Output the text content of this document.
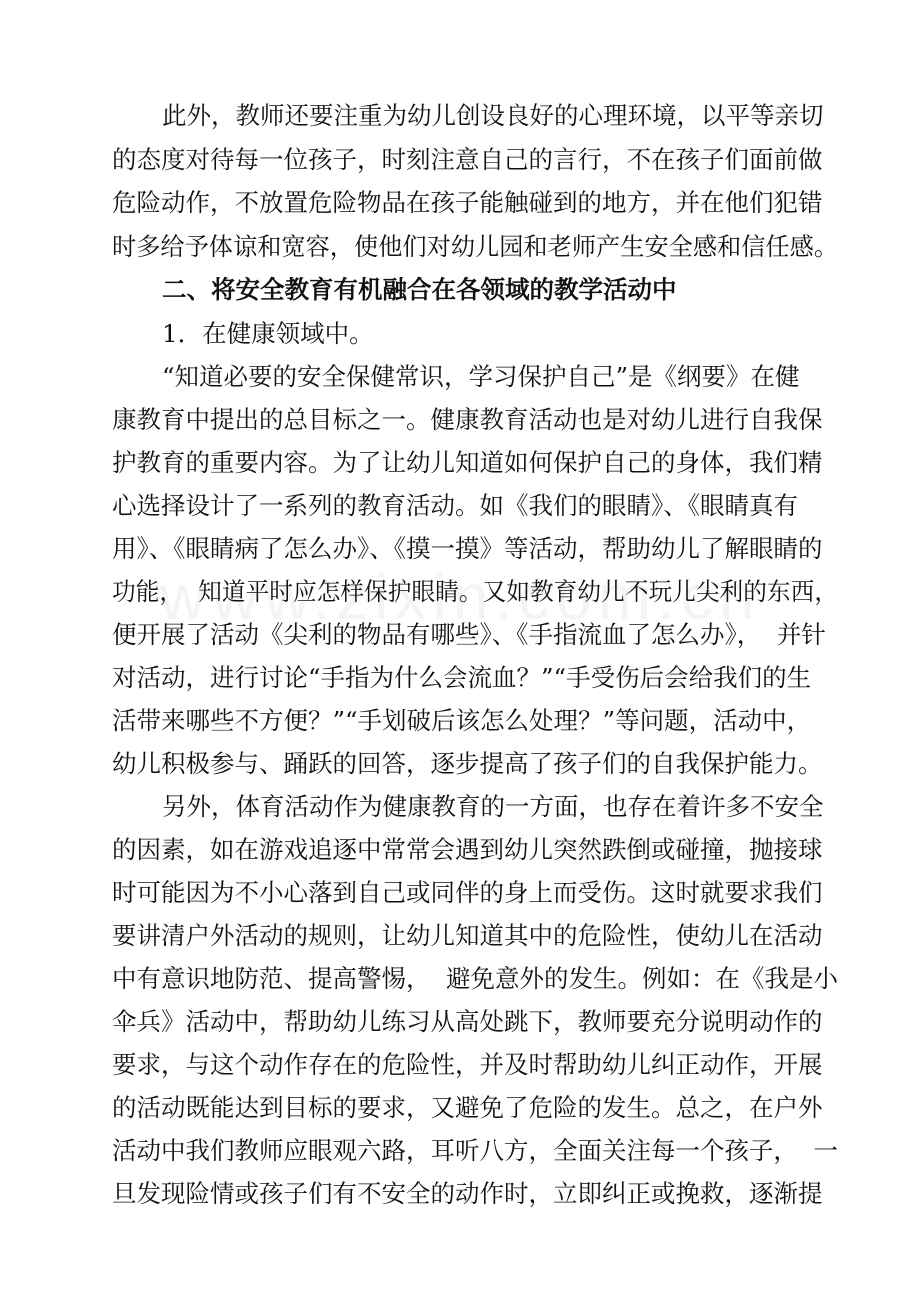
此外，教师还要注重为幼儿创设良好的心理环境，以平等亲切
的态度对待每一位孩子，时刻注意自己的言行，不在孩子们面前做
危险动作，不放置危险物品在孩子能触碰到的地方，并在他们犯错
时多给予体谅和宽容，使他们对幼儿园和老师产生安全感和信任感。
二、将安全教育有机融合在各领域的教学活动中
1．在健康领域中。
“知道必要的安全保健常识，学习保护自己”是《纲要》在健
康教育中提出的总目标之一。健康教育活动也是对幼儿进行自我保
护教育的重要内容。为了让幼儿知道如何保护自己的身体，我们精
心选择设计了一系列的教育活动。如《我们的眼睛》、《眼睛真有
用》、《眼睛病了怎么办》、《摸一摸》等活动，帮助幼儿了解眼睛的
功能，  知道平时应怎样保护眼睛。又如教育幼儿不玩儿尖利的东西，
便开展了活动《尖利的物品有哪些》、《手指流血了怎么办》，  并针
对活动，进行讨论“手指为什么会流血？”“手受伤后会给我们的生
活带来哪些不方便？”“手划破后该怎么处理？”等问题，活动中，
幼儿积极参与、踊跃的回答，逐步提高了孩子们的自我保护能力。
另外，体育活动作为健康教育的一方面，也存在着许多不安全
的因素，如在游戏追逐中常常会遇到幼儿突然跌倒或碰撞，抛接球
时可能因为不小心落到自己或同伴的身上而受伤。这时就要求我们
要讲清户外活动的规则，让幼儿知道其中的危险性，使幼儿在活动
中有意识地防范、提高警惕，  避免意外的发生。例如：在《我是小
伞兵》活动中，帮助幼儿练习从高处跳下，教师要充分说明动作的
要求，与这个动作存在的危险性，并及时帮助幼儿纠正动作，开展
的活动既能达到目标的要求，又避免了危险的发生。总之，在户外
活动中我们教师应眼观六路，耳听八方，全面关注每一个孩子，  一
旦发现险情或孩子们有不安全的动作时，立即纠正或挽救，逐渐提
